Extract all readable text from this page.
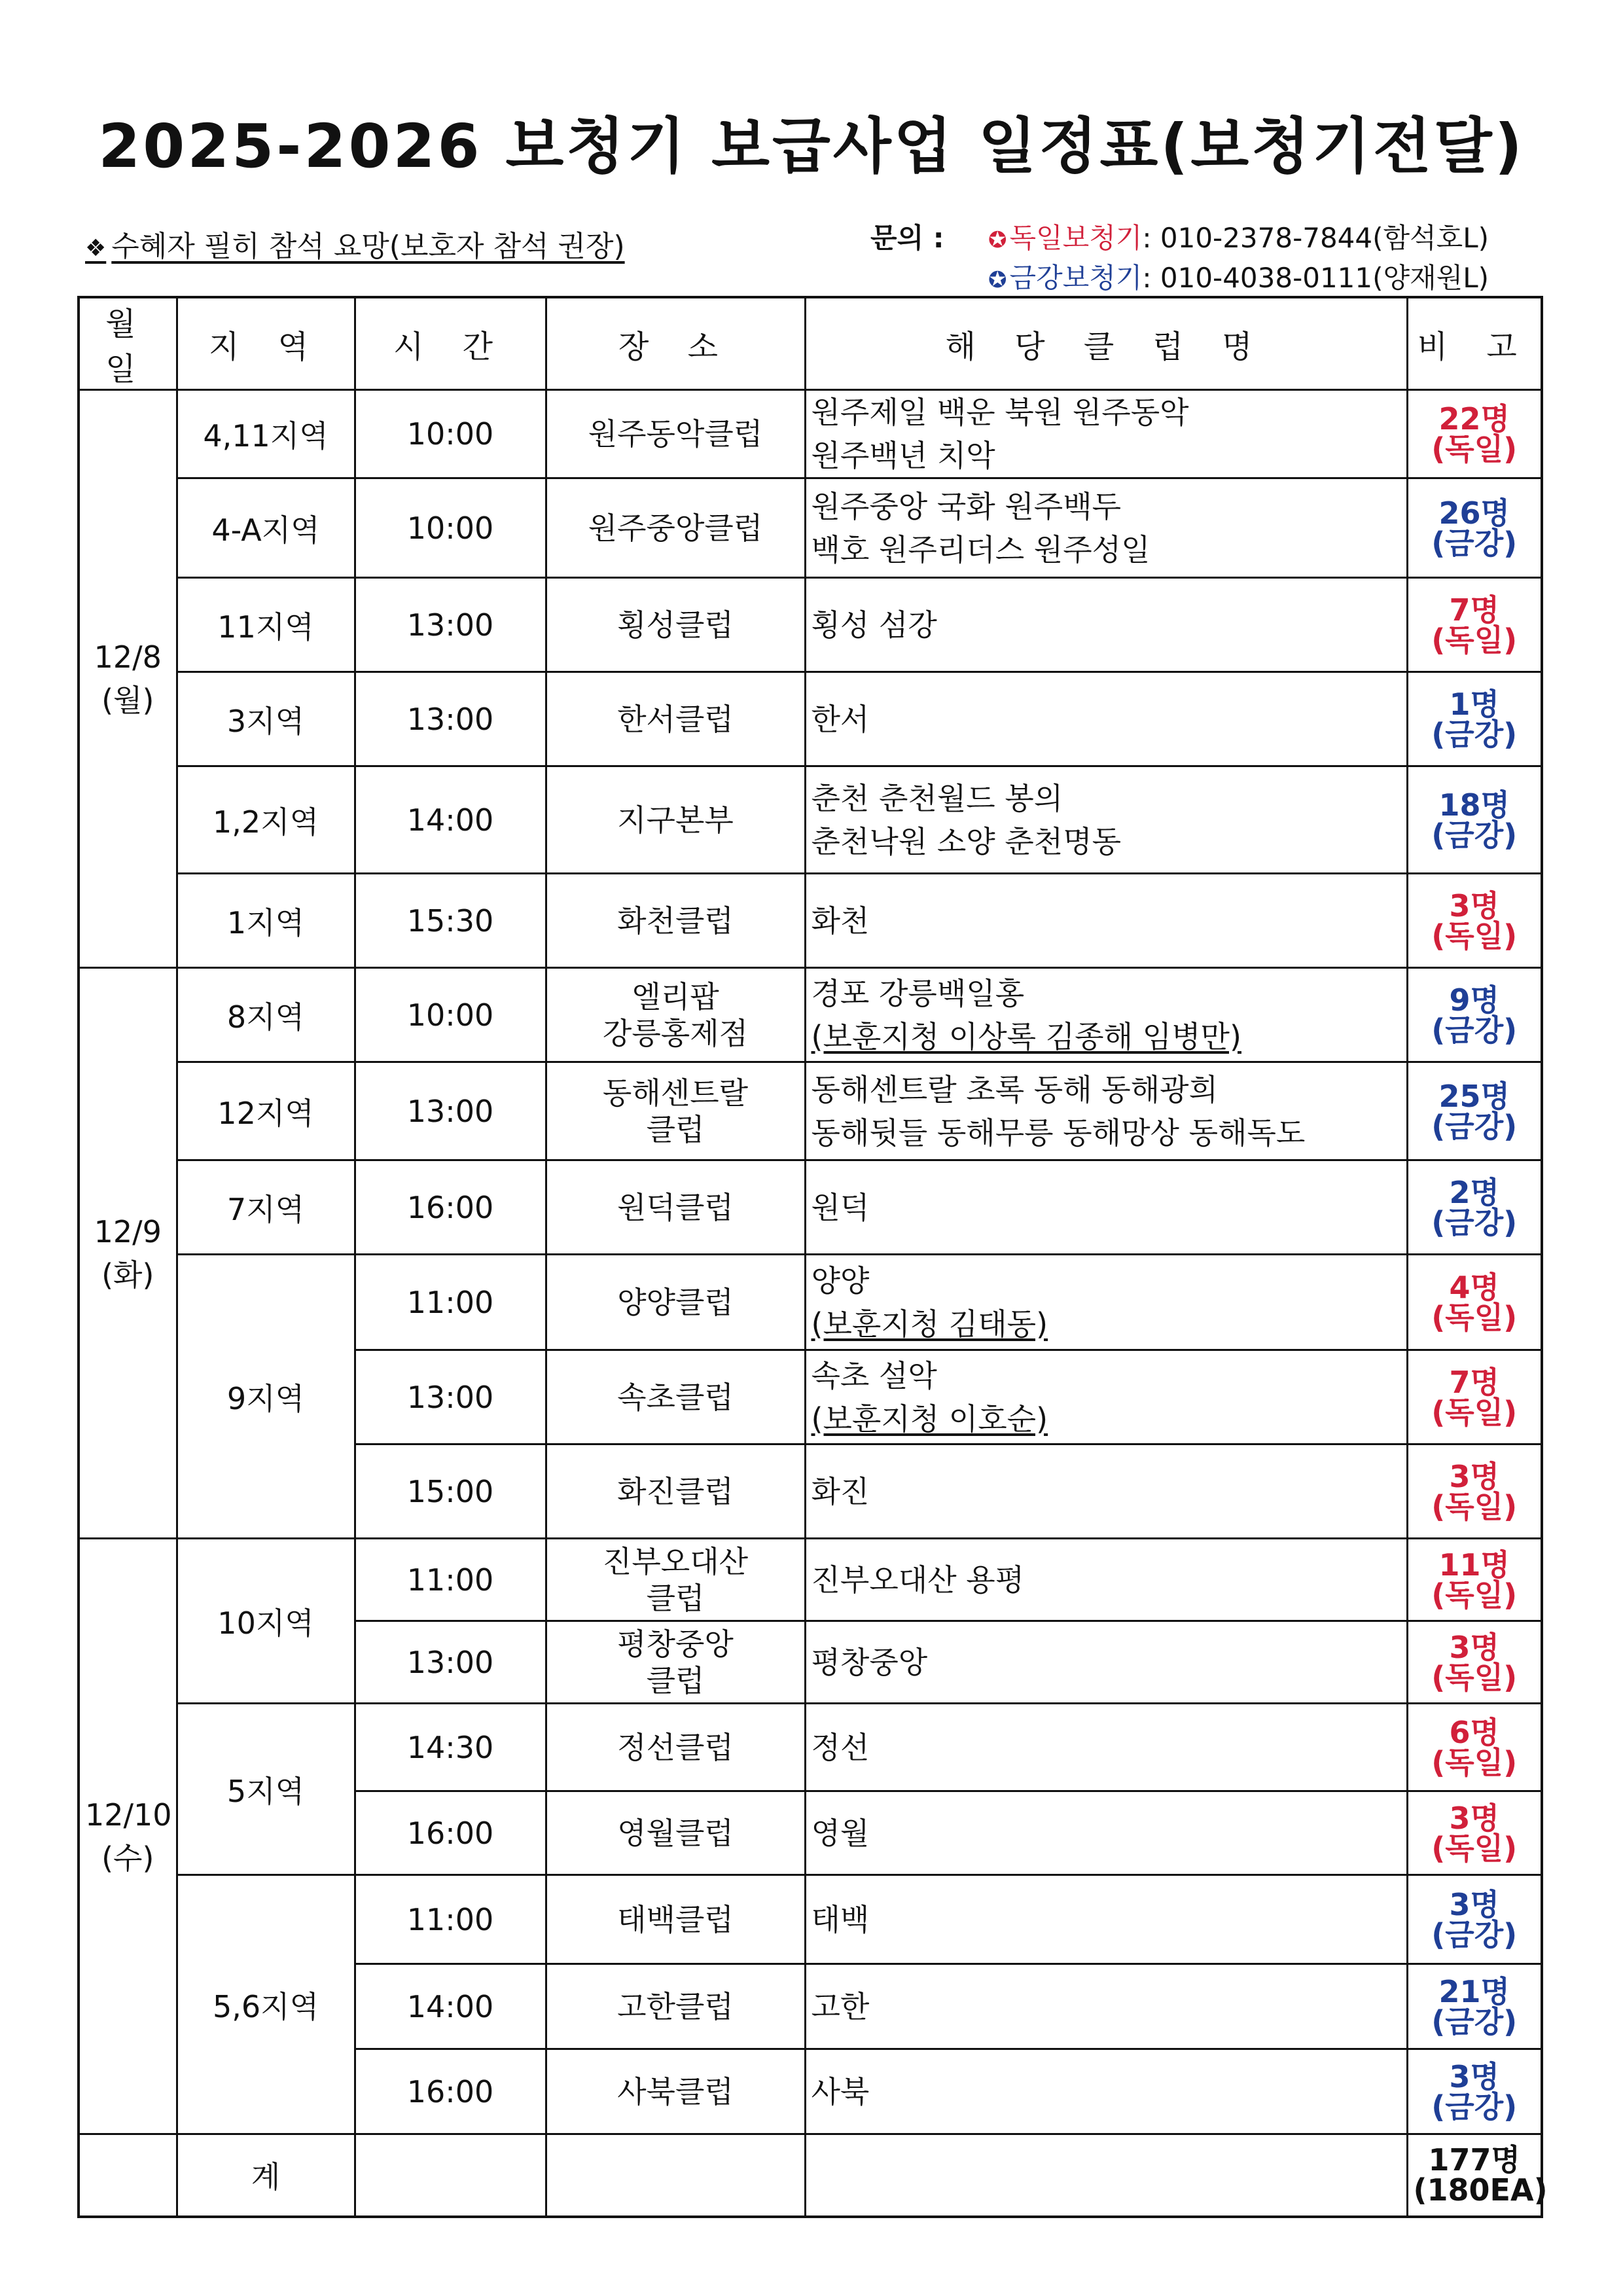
2025-2026 보청기 보급사업 일정표(보청기전달)
❖ 수혜자 필히 참석 요망(보호자 참석 권장)	문의 : ✪독일보청기: 010-2378-7844(함석호L)
✪금강보청기: 010-4038-0111(양재원L)
월일	지 역	시 간	장 소	해 당 클 럽 명	비 고

12/8
(월)	4,11지역	10:00	원주동악클럽	원주제일 백운 북원 원주동악
원주백년 치악	22명
(독일)

	4-A지역	10:00	원주중앙클럽	원주중앙 국화 원주백두
백호 원주리더스 원주성일	26명
(금강)

	11지역	13:00	횡성클럽	횡성 섬강	7명
(독일)

	3지역	13:00	한서클럽	한서	1명
(금강)

	1,2지역	14:00	지구본부	춘천 춘천월드 봉의
춘천낙원 소양 춘천명동	18명
(금강)

	1지역	15:30	화천클럽	화천	3명
(독일)

12/9
(화)	8지역	10:00	엘리팝
강릉홍제점	경포 강릉백일홍
(보훈지청 이상록 김종해 임병만)	9명
(금강)

	12지역	13:00	동해센트랄
클럽	동해센트랄 초록 동해 동해광희
동해뒷들 동해무릉 동해망상 동해독도	25명
(금강)

	7지역	16:00	원덕클럽	원덕	2명
(금강)

	9지역	11:00	양양클럽	양양
(보훈지청 김태동)	4명
(독일)

		13:00	속초클럽	속초 설악
(보훈지청 이호순)	7명
(독일)

		15:00	화진클럽	화진	3명
(독일)

12/10
(수)	10지역	11:00	진부오대산
클럽	진부오대산 용평	11명
(독일)

		13:00	평창중앙
클럽	평창중앙	3명
(독일)

	5지역	14:30	정선클럽	정선	6명
(독일)

		16:00	영월클럽	영월	3명
(독일)

	5,6지역	11:00	태백클럽	태백	3명
(금강)

		14:00	고한클럽	고한	21명
(금강)

		16:00	사북클럽	사북	3명
(금강)

	계				177명
(180EA)
